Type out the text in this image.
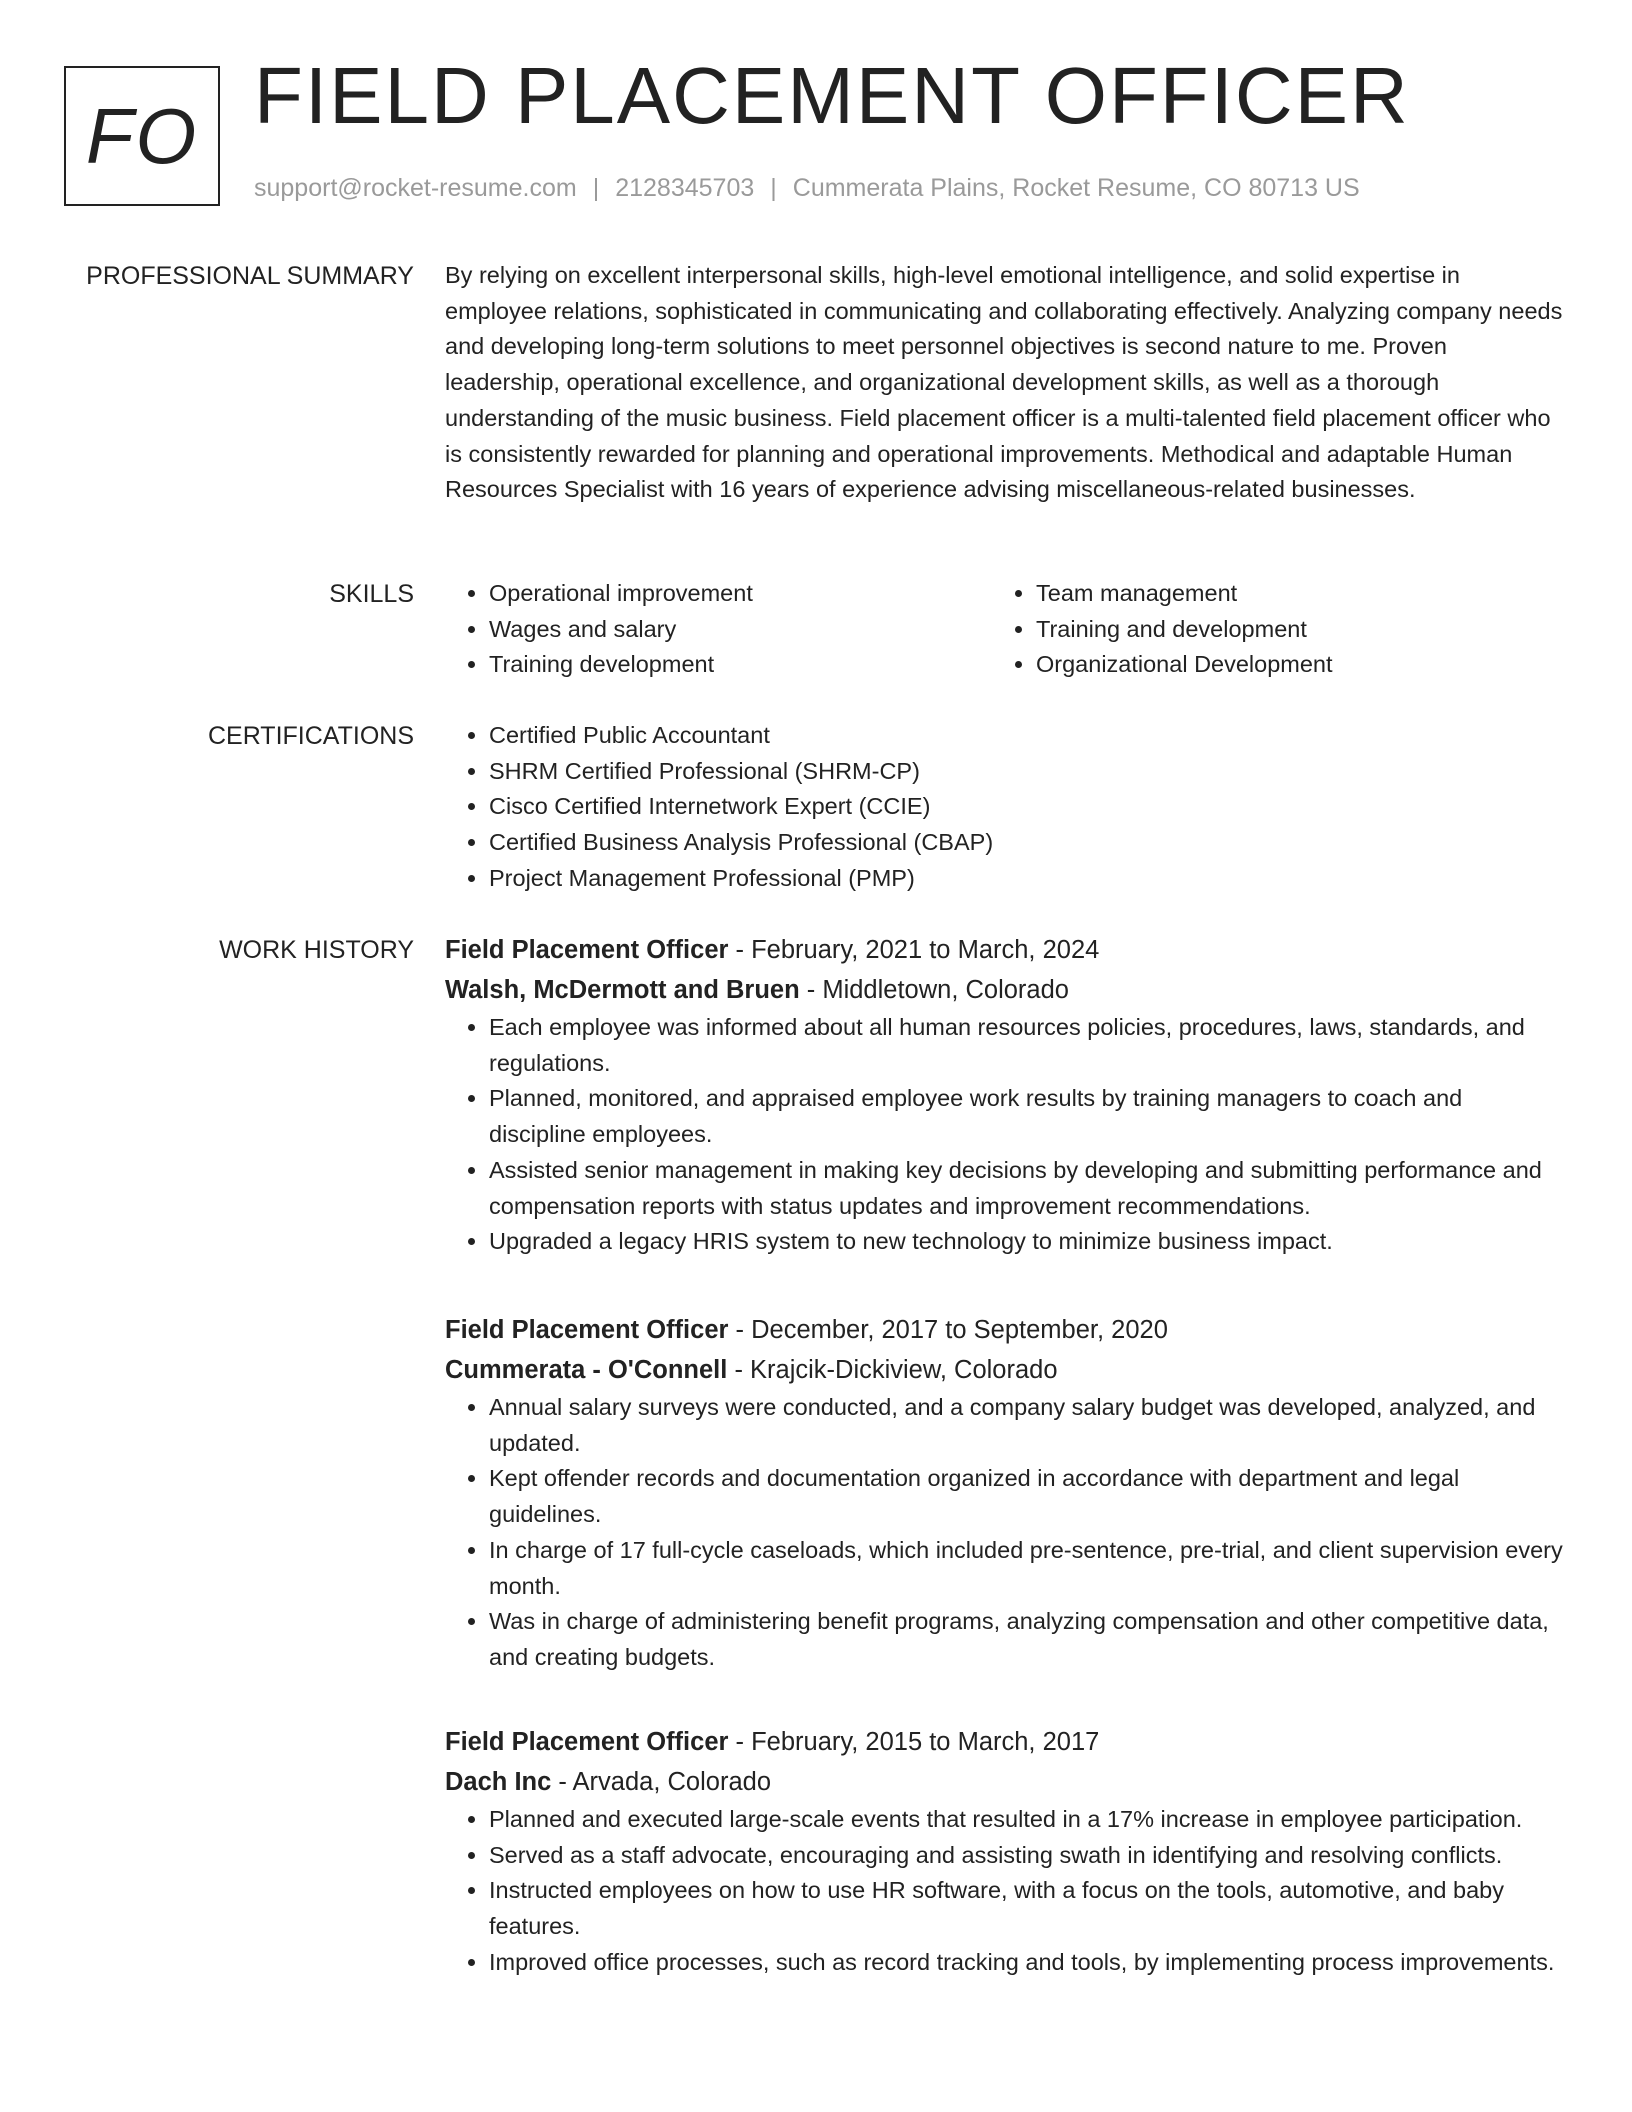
FO FIELD PLACEMENT OFFICER
support@rocket-resume.com | 2128345703 | Cummerata Plains, Rocket Resume, CO 80713 US
PROFESSIONAL SUMMARY By relying on excellent interpersonal skills, high-level emotional intelligence, and solid expertise in employee relations, sophisticated in communicating and collaborating effectively. Analyzing company needs and developing long-term solutions to meet personnel objectives is second nature to me. Proven leadership, operational excellence, and organizational development skills, as well as a thorough understanding of the music business. Field placement officer is a multi-talented field placement officer who is consistently rewarded for planning and operational improvements. Methodical and adaptable Human Resources Specialist with 16 years of experience advising miscellaneous-related businesses.

SKILLS	• Operational improvement
• Wages and salary
• Training development
• Team management
• Training and development
• Organizational Development
CERTIFICATIONS	• Certified Public Accountant
• SHRM Certified Professional (SHRM-CP)
• Cisco Certified Internetwork Expert (CCIE)
• Certified Business Analysis Professional (CBAP)
• Project Management Professional (PMP)
WORK HISTORY Field Placement Officer - February, 2021 to March, 2024
Walsh, McDermott and Bruen - Middletown, Colorado
• Each employee was informed about all human resources policies, procedures, laws, standards, and regulations.
• Planned, monitored, and appraised employee work results by training managers to coach and discipline employees.
• Assisted senior management in making key decisions by developing and submitting performance and compensation reports with status updates and improvement recommendations.
• Upgraded a legacy HRIS system to new technology to minimize business impact.
Field Placement Officer - December, 2017 to September, 2020
Cummerata - O'Connell - Krajcik-Dickiview, Colorado
• Annual salary surveys were conducted, and a company salary budget was developed, analyzed, and updated.
• Kept offender records and documentation organized in accordance with department and legal guidelines.
• In charge of 17 full-cycle caseloads, which included pre-sentence, pre-trial, and client supervision every month.
• Was in charge of administering benefit programs, analyzing compensation and other competitive data, and creating budgets.
Field Placement Officer - February, 2015 to March, 2017
Dach Inc - Arvada, Colorado
• Planned and executed large-scale events that resulted in a 17% increase in employee participation.
• Served as a staff advocate, encouraging and assisting swath in identifying and resolving conflicts.
• Instructed employees on how to use HR software, with a focus on the tools, automotive, and baby features.
• Improved office processes, such as record tracking and tools, by implementing process improvements.
